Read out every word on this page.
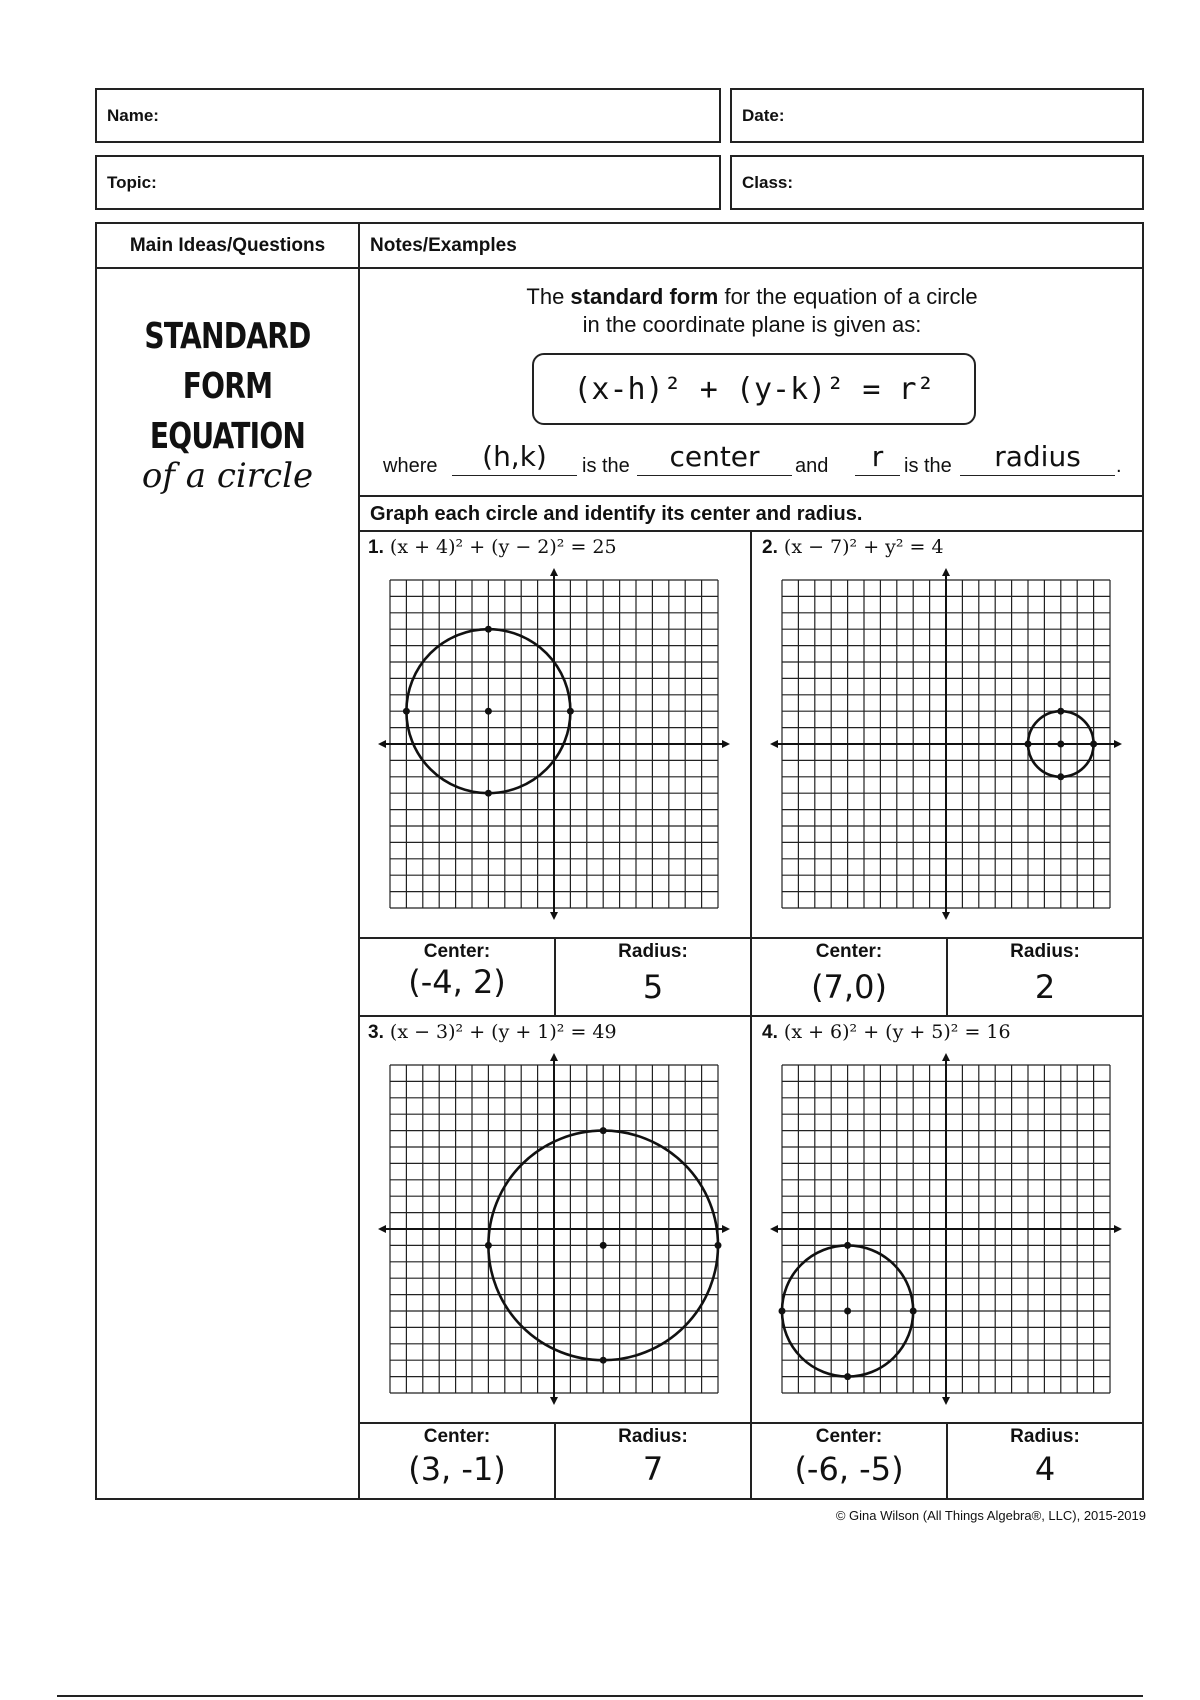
Name:	Date:
Topic:	Class:
Main Ideas/Questions Notes/Examples
STANDARD FORM
EQUATION
of a circle
The standard form for the equation of a circle
in the coordinate plane is given as:
(x-h)² + (y-k)² = r²
where	(h,k)	is the	center	and	r	is the	radius	.
Graph each circle and identify its center and radius.
1. (x + 4)² + (y − 2)² = 25
Center:
(-4, 2)
Radius:
5
2. (x − 7)² + y² = 4
Center:
(7,0)
Radius:
2
3. (x − 3)² + (y + 1)² = 49
Center:
(3, -1)
Radius:
7
4. (x + 6)² + (y + 5)² = 16
Center:
(-6, -5)
Radius:
4
© Gina Wilson (All Things Algebra®, LLC), 2015-2019
